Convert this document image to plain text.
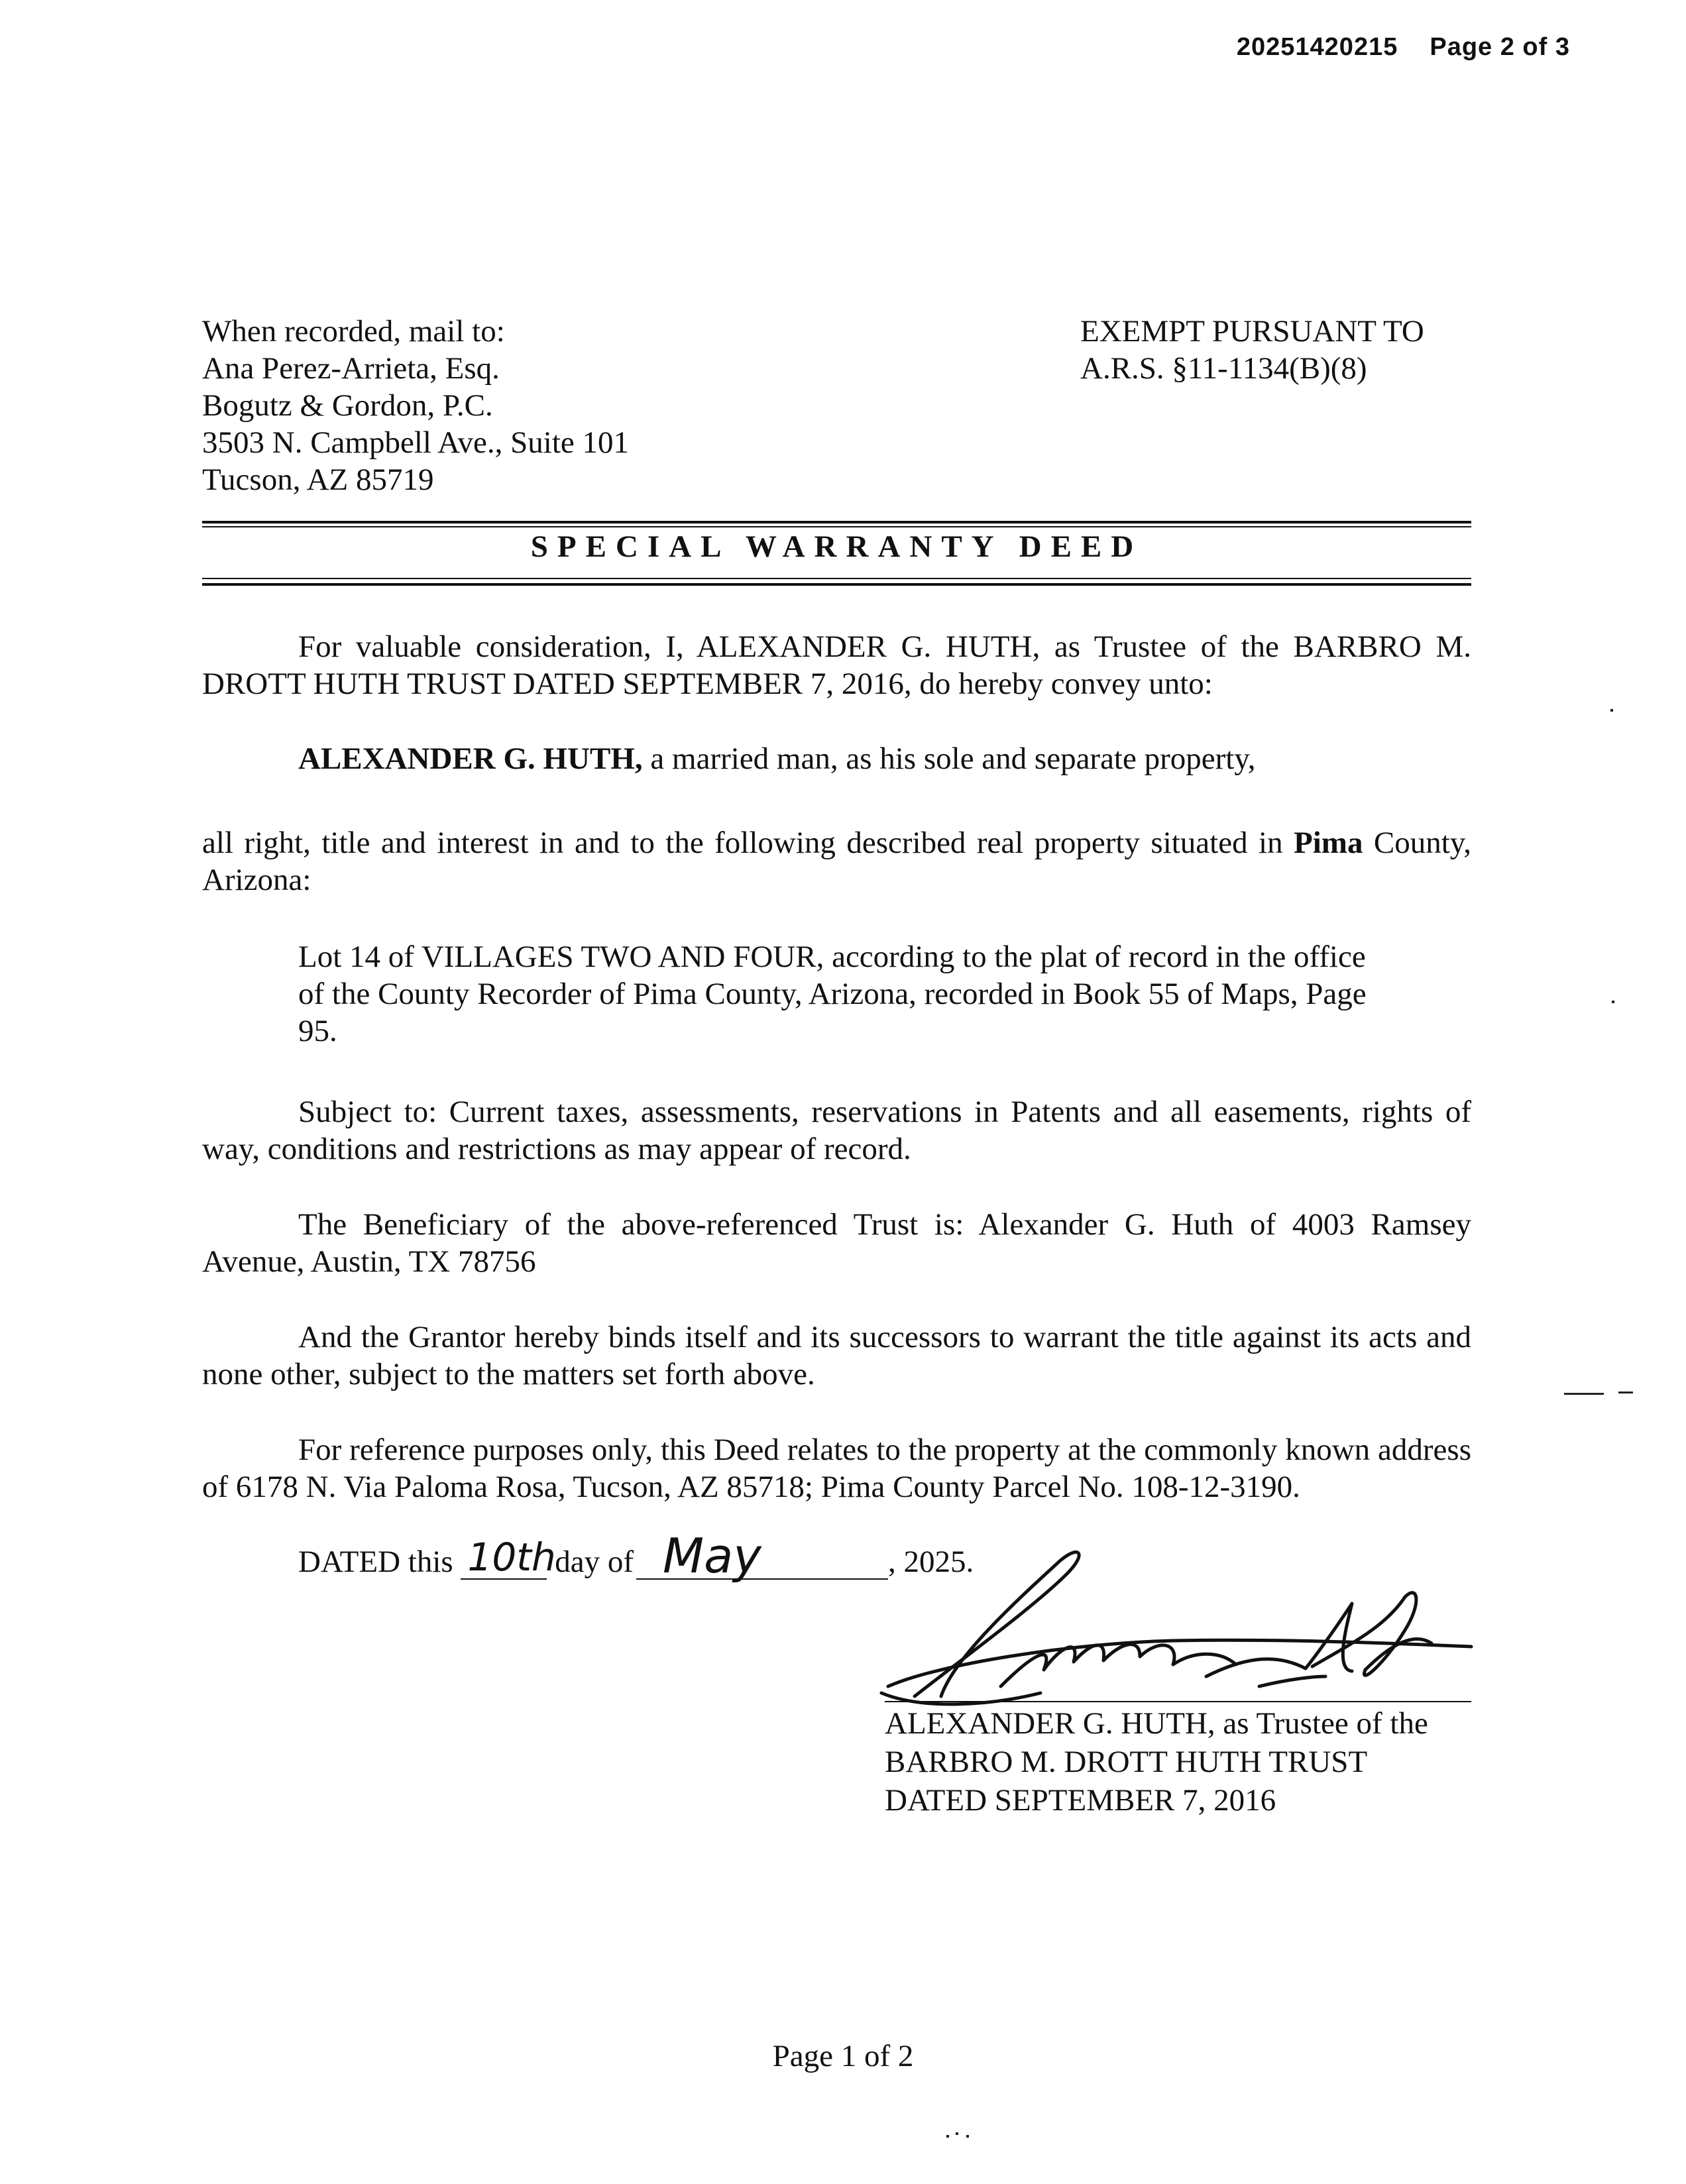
20251420215 Page 2 of 3
When recorded, mail to:
Ana Perez-Arrieta, Esq.
Bogutz & Gordon, P.C.
3503 N. Campbell Ave., Suite 101
Tucson, AZ 85719
EXEMPT PURSUANT TO
A.R.S. §11-1134(B)(8)
SPECIAL WARRANTY DEED
For valuable consideration, I, ALEXANDER G. HUTH, as Trustee of the BARBRO M. DROTT HUTH TRUST DATED SEPTEMBER 7, 2016, do hereby convey unto:
ALEXANDER G. HUTH, a married man, as his sole and separate property,
all right, title and interest in and to the following described real property situated in Pima County, Arizona:
Lot 14 of VILLAGES TWO AND FOUR, according to the plat of record in the office of the County Recorder of Pima County, Arizona, recorded in Book 55 of Maps, Page 95.
Subject to: Current taxes, assessments, reservations in Patents and all easements, rights of way, conditions and restrictions as may appear of record.
The Beneficiary of the above-referenced Trust is: Alexander G. Huth of 4003 Ramsey Avenue, Austin, TX 78756
And the Grantor hereby binds itself and its successors to warrant the title against its acts and none other, subject to the matters set forth above.
For reference purposes only, this Deed relates to the property at the commonly known address of 6178 N. Via Paloma Rosa, Tucson, AZ 85718; Pima County Parcel No. 108-12-3190.
DATED this 10th
day of May	, 2025.
ALEXANDER G. HUTH, as Trustee of the
BARBRO M. DROTT HUTH TRUST
DATED SEPTEMBER 7, 2016
Page 1 of 2
